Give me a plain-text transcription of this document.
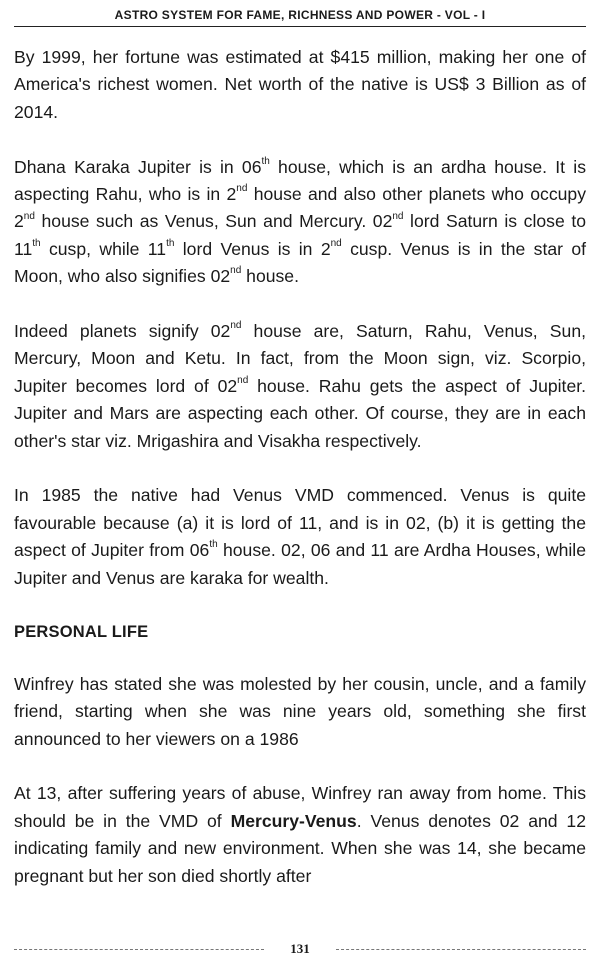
ASTRO SYSTEM FOR FAME, RICHNESS AND POWER - VOL - I

By 1999, her fortune was estimated at $415 million, making her one of America's richest women. Net worth of the native is US$ 3 Billion as of 2014.

Dhana Karaka Jupiter is in 06th house, which is an ardha house. It is aspecting Rahu, who is in 2nd house and also other planets who occupy 2nd house such as Venus, Sun and Mercury. 02nd lord Saturn is close to 11th cusp, while 11th lord Venus is in 2nd cusp. Venus is in the star of Moon, who also signifies 02nd house.

Indeed planets signify 02nd house are, Saturn, Rahu, Venus, Sun, Mercury, Moon and Ketu. In fact, from the Moon sign, viz. Scorpio, Jupiter becomes lord of 02nd house. Rahu gets the aspect of Jupiter. Jupiter and Mars are aspecting each other. Of course, they are in each other's star viz. Mrigashira and Visakha respectively.

In 1985 the native had Venus VMD commenced. Venus is quite favourable because (a) it is lord of 11, and is in 02, (b) it is getting the aspect of Jupiter from 06th house. 02, 06 and 11 are Ardha Houses, while Jupiter and Venus are karaka for wealth.

PERSONAL LIFE

Winfrey has stated she was molested by her cousin, uncle, and a family friend, starting when she was nine years old, something she first announced to her viewers on a 1986

At 13, after suffering years of abuse, Winfrey ran away from home. This should be in the VMD of Mercury-Venus. Venus denotes 02 and 12 indicating family and new environment. When she was 14, she became pregnant but her son died shortly after

131
